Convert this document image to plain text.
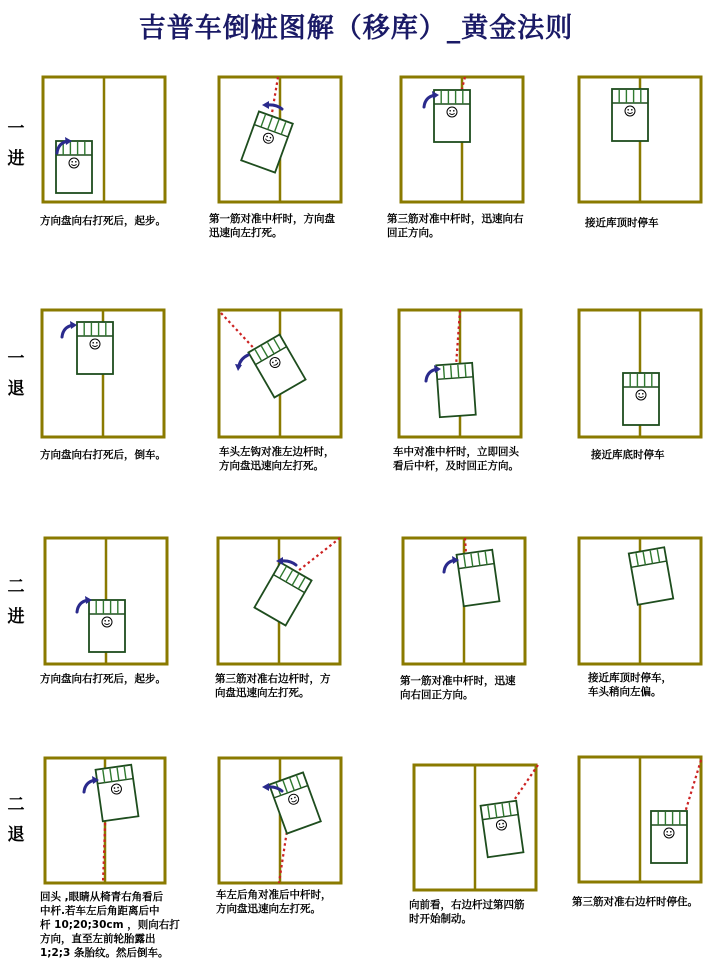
吉普车倒桩图解（移库）_黄金法则
一
进
一
退
二
进
二
退
方向盘向右打死后，起步。	第一筋对准中杆时，方向盘
迅速向左打死。
第三筋对准中杆时，迅速向右
回正方向。
接近库顶时停车
方向盘向右打死后，倒车。	车头左钩对准左边杆时，
方向盘迅速向左打死。
车中对准中杆时，立即回头
看后中杆，及时回正方向。
接近库底时停车
方向盘向右打死后，起步。	第三筋对准右边杆时，方
向盘迅速向左打死。
第一筋对准中杆时，迅速
向右回正方向。
接近库顶时停车，
车头稍向左偏。
回头 ,眼睛从椅青右角看后
中杆.若车左后角距离后中
杆 10;20;30cm ，则向右打
方向，直至左前轮胎露出
1;2;3 条胎纹。然后倒车。
车左后角对准后中杆时，
方向盘迅速向左打死。	向前看，右边杆过第四筋
时开始制动。
第三筋对准右边杆时停住。
